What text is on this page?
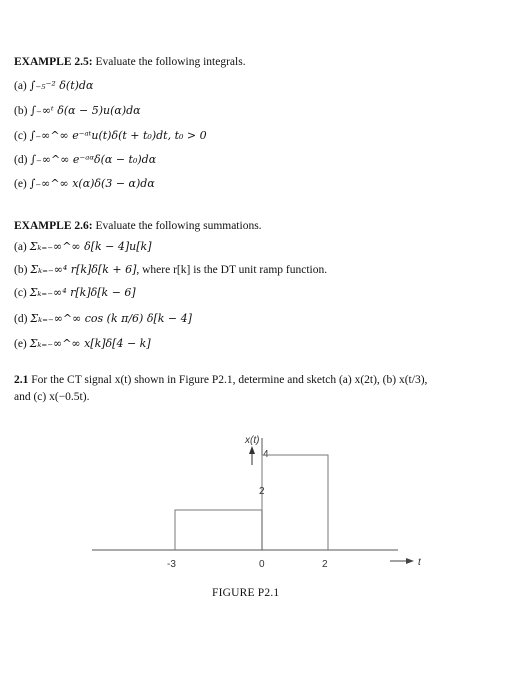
EXAMPLE 2.5: Evaluate the following integrals.
(a) ∫₋₅⁻² δ(t)dα
(b) ∫₋∞ᵗ δ(α − 5)u(α)dα
(c) ∫₋∞^∞ e⁻ᵃᵗu(t)δ(t + t₀)dt, t₀ > 0
(d) ∫₋∞^∞ e⁻ᵃᵅδ(α − t₀)dα
(e) ∫₋∞^∞ x(α)δ(3 − α)dα
EXAMPLE 2.6: Evaluate the following summations.
(a) Σₖ₌₋∞^∞ δ[k − 4]u[k]
(b) Σₖ₌₋∞⁴ r[k]δ[k + 6], where r[k] is the DT unit ramp function.
(c) Σₖ₌₋∞⁴ r[k]δ[k − 6]
(d) Σₖ₌₋∞^∞ cos (k π/6) δ[k − 4]
(e) Σₖ₌₋∞^∞ x[k]δ[4 − k]
2.1 For the CT signal x(t) shown in Figure P2.1, determine and sketch (a) x(2t), (b) x(t/3),
and (c) x(−0.5t).
t
x(t)
4
2
-3	0	2
FIGURE P2.1
